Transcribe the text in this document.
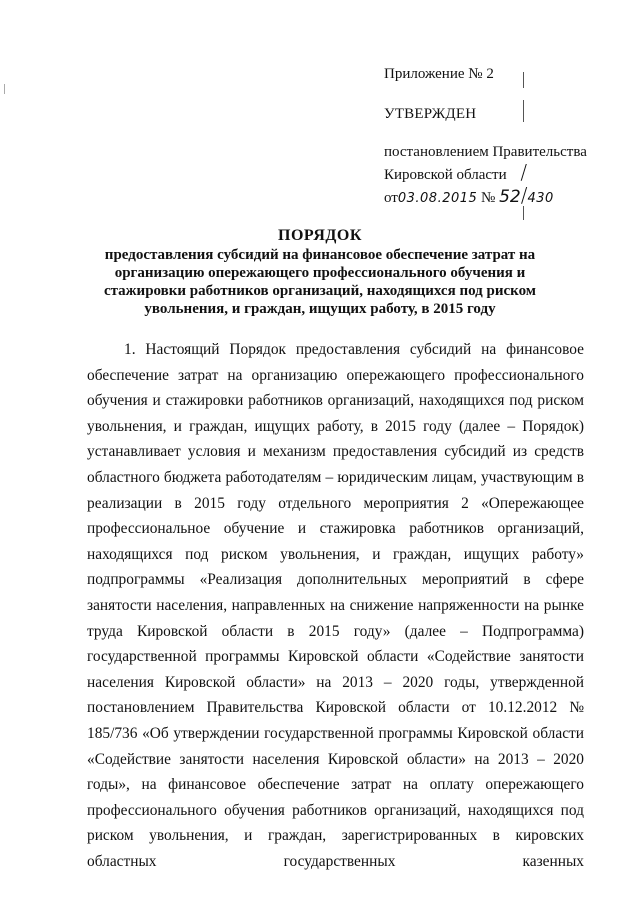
Приложение № 2
УТВЕРЖДЕН
постановлением Правительства
Кировской области /
от03.08.2015 № 52/430
ПОРЯДОК
предоставления субсидий на финансовое обеспечение затрат на организацию опережающего профессионального обучения и стажировки работников организаций, находящихся под риском увольнения, и граждан, ищущих работу, в 2015 году

1. Настоящий Порядок предоставления субсидий на финансовое обеспечение затрат на организацию опережающего профессионального обучения и стажировки работников организаций, находящихся под риском увольнения, и граждан, ищущих работу, в 2015 году (далее – Порядок) устанавливает условия и механизм предоставления субсидий из средств областного бюджета работодателям – юридическим лицам, участвующим в реализации в 2015 году отдельного мероприятия 2 «Опережающее профессиональное обучение и стажировка работников организаций, находящихся под риском увольнения, и граждан, ищущих работу» подпрограммы «Реализация дополнительных мероприятий в сфере занятости населения, направленных на снижение напряженности на рынке труда Кировской области в 2015 году» (далее – Подпрограмма) государственной программы Кировской области «Содействие занятости населения Кировской области» на 2013 – 2020 годы, утвержденной постановлением Правительства Кировской области от 10.12.2012 № 185/736 «Об утверждении государственной программы Кировской области «Содействие занятости населения Кировской области» на 2013 – 2020 годы», на финансовое обеспечение затрат на оплату опережающего профессионального обучения работников организаций, находящихся под риском увольнения, и граждан, зарегистрированных в кировских областных государственных казенных
